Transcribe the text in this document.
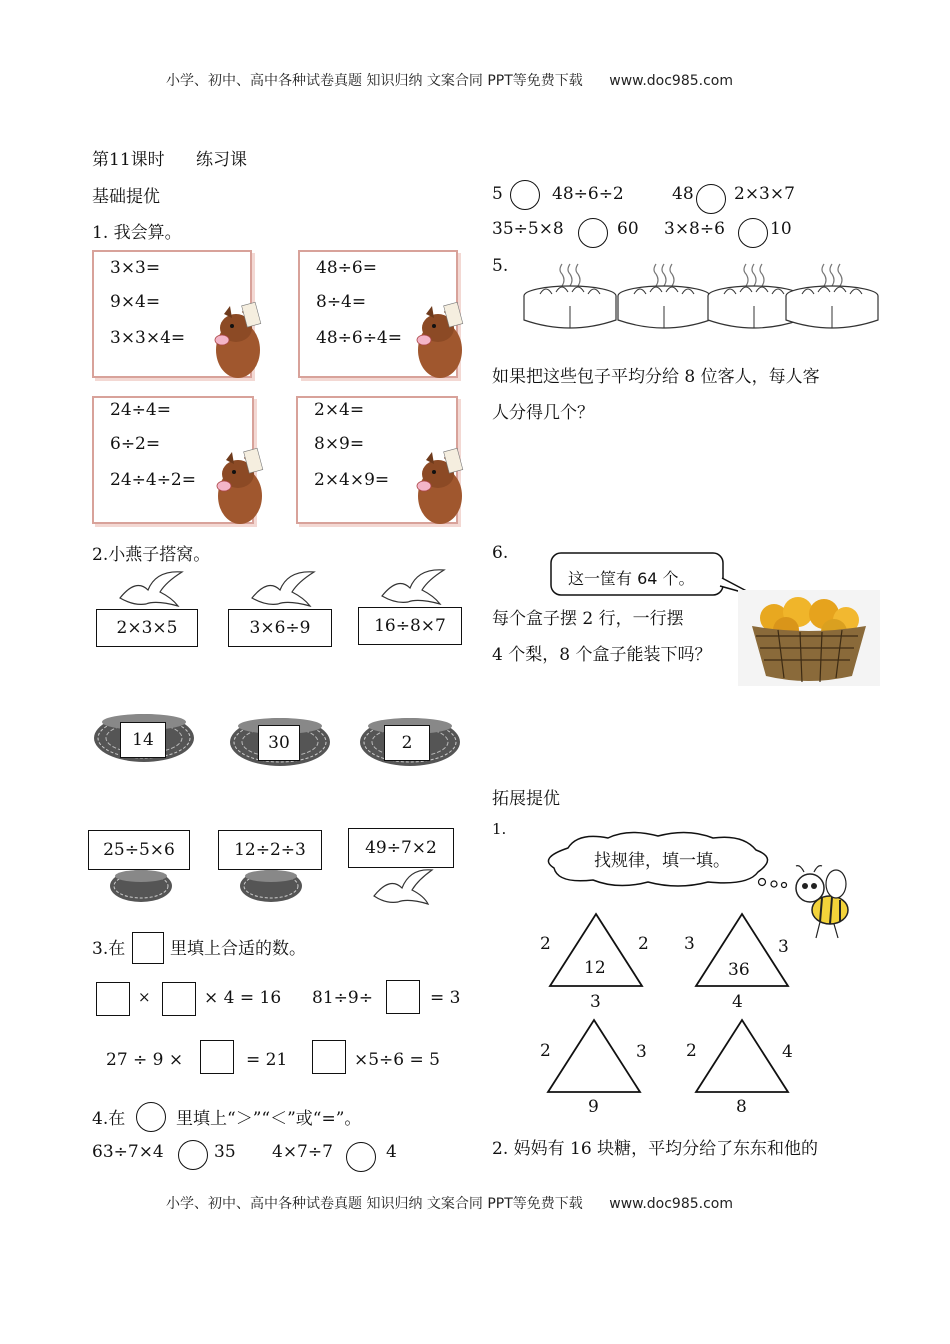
小学、初中、高中各种试卷真题 知识归纳 文案合同 PPT等免费下载 www.doc985.com
第11课时 练习课
基础提优
1. 我会算。
3×3=
9×4=
3×3×4=
48÷6=
8÷4=
48÷6÷4=
24÷4=
6÷2=
24÷4÷2=
2×4=
8×9=
2×4×9=
2.小燕子搭窝。
2×3×5	3×6÷9	16÷8×7
14	30	2
25÷5×6	12÷2÷3	49÷7×2
3.在	里填上合适的数。
×	× 4 = 16 81÷9÷	= 3
27 ÷ 9 ×	= 21	×5÷6 = 5
4.在	里填上“＞”“＜”或“=”。
63÷7×4	35 4×7÷7	4
5	48÷6÷2	48 2×3×7
35÷5×8	60 3×8÷6	10
5.
如果把这些包子平均分给 8 位客人，每人客
人分得几个？
6.
这一筐有 64 个。
每个盒子摆 2 行，一行摆
4 个梨，8 个盒子能装下吗？
拓展提优
1.
找规律，填一填。
2	2
12
3
3	3
36
4
2	3
9
2	4
8
2. 妈妈有 16 块糖，平均分给了东东和他的
小学、初中、高中各种试卷真题 知识归纳 文案合同 PPT等免费下载 www.doc985.com
